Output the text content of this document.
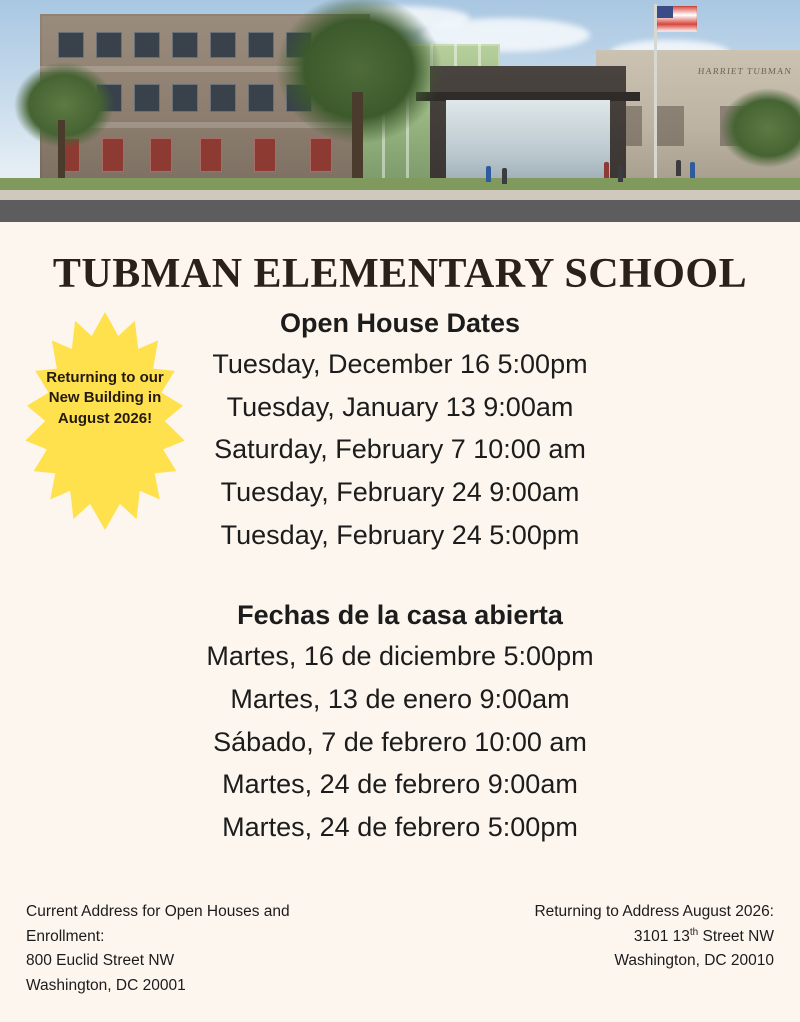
HARRIET TUBMAN
TUBMAN ELEMENTARY SCHOOL
Returning to our New Building in August 2026!
Open House Dates
Tuesday, December 16 5:00pm
Tuesday, January 13 9:00am
Saturday, February 7 10:00 am
Tuesday, February 24 9:00am
Tuesday, February 24 5:00pm
Fechas de la casa abierta
Martes, 16 de diciembre 5:00pm
Martes, 13 de enero 9:00am
Sábado, 7 de febrero 10:00 am
Martes, 24 de febrero 9:00am
Martes, 24 de febrero 5:00pm
Current Address for Open Houses and
Enrollment:
800 Euclid Street NW
Washington, DC 20001
Returning to Address August 2026:
3101 13th Street NW
Washington, DC 20010
